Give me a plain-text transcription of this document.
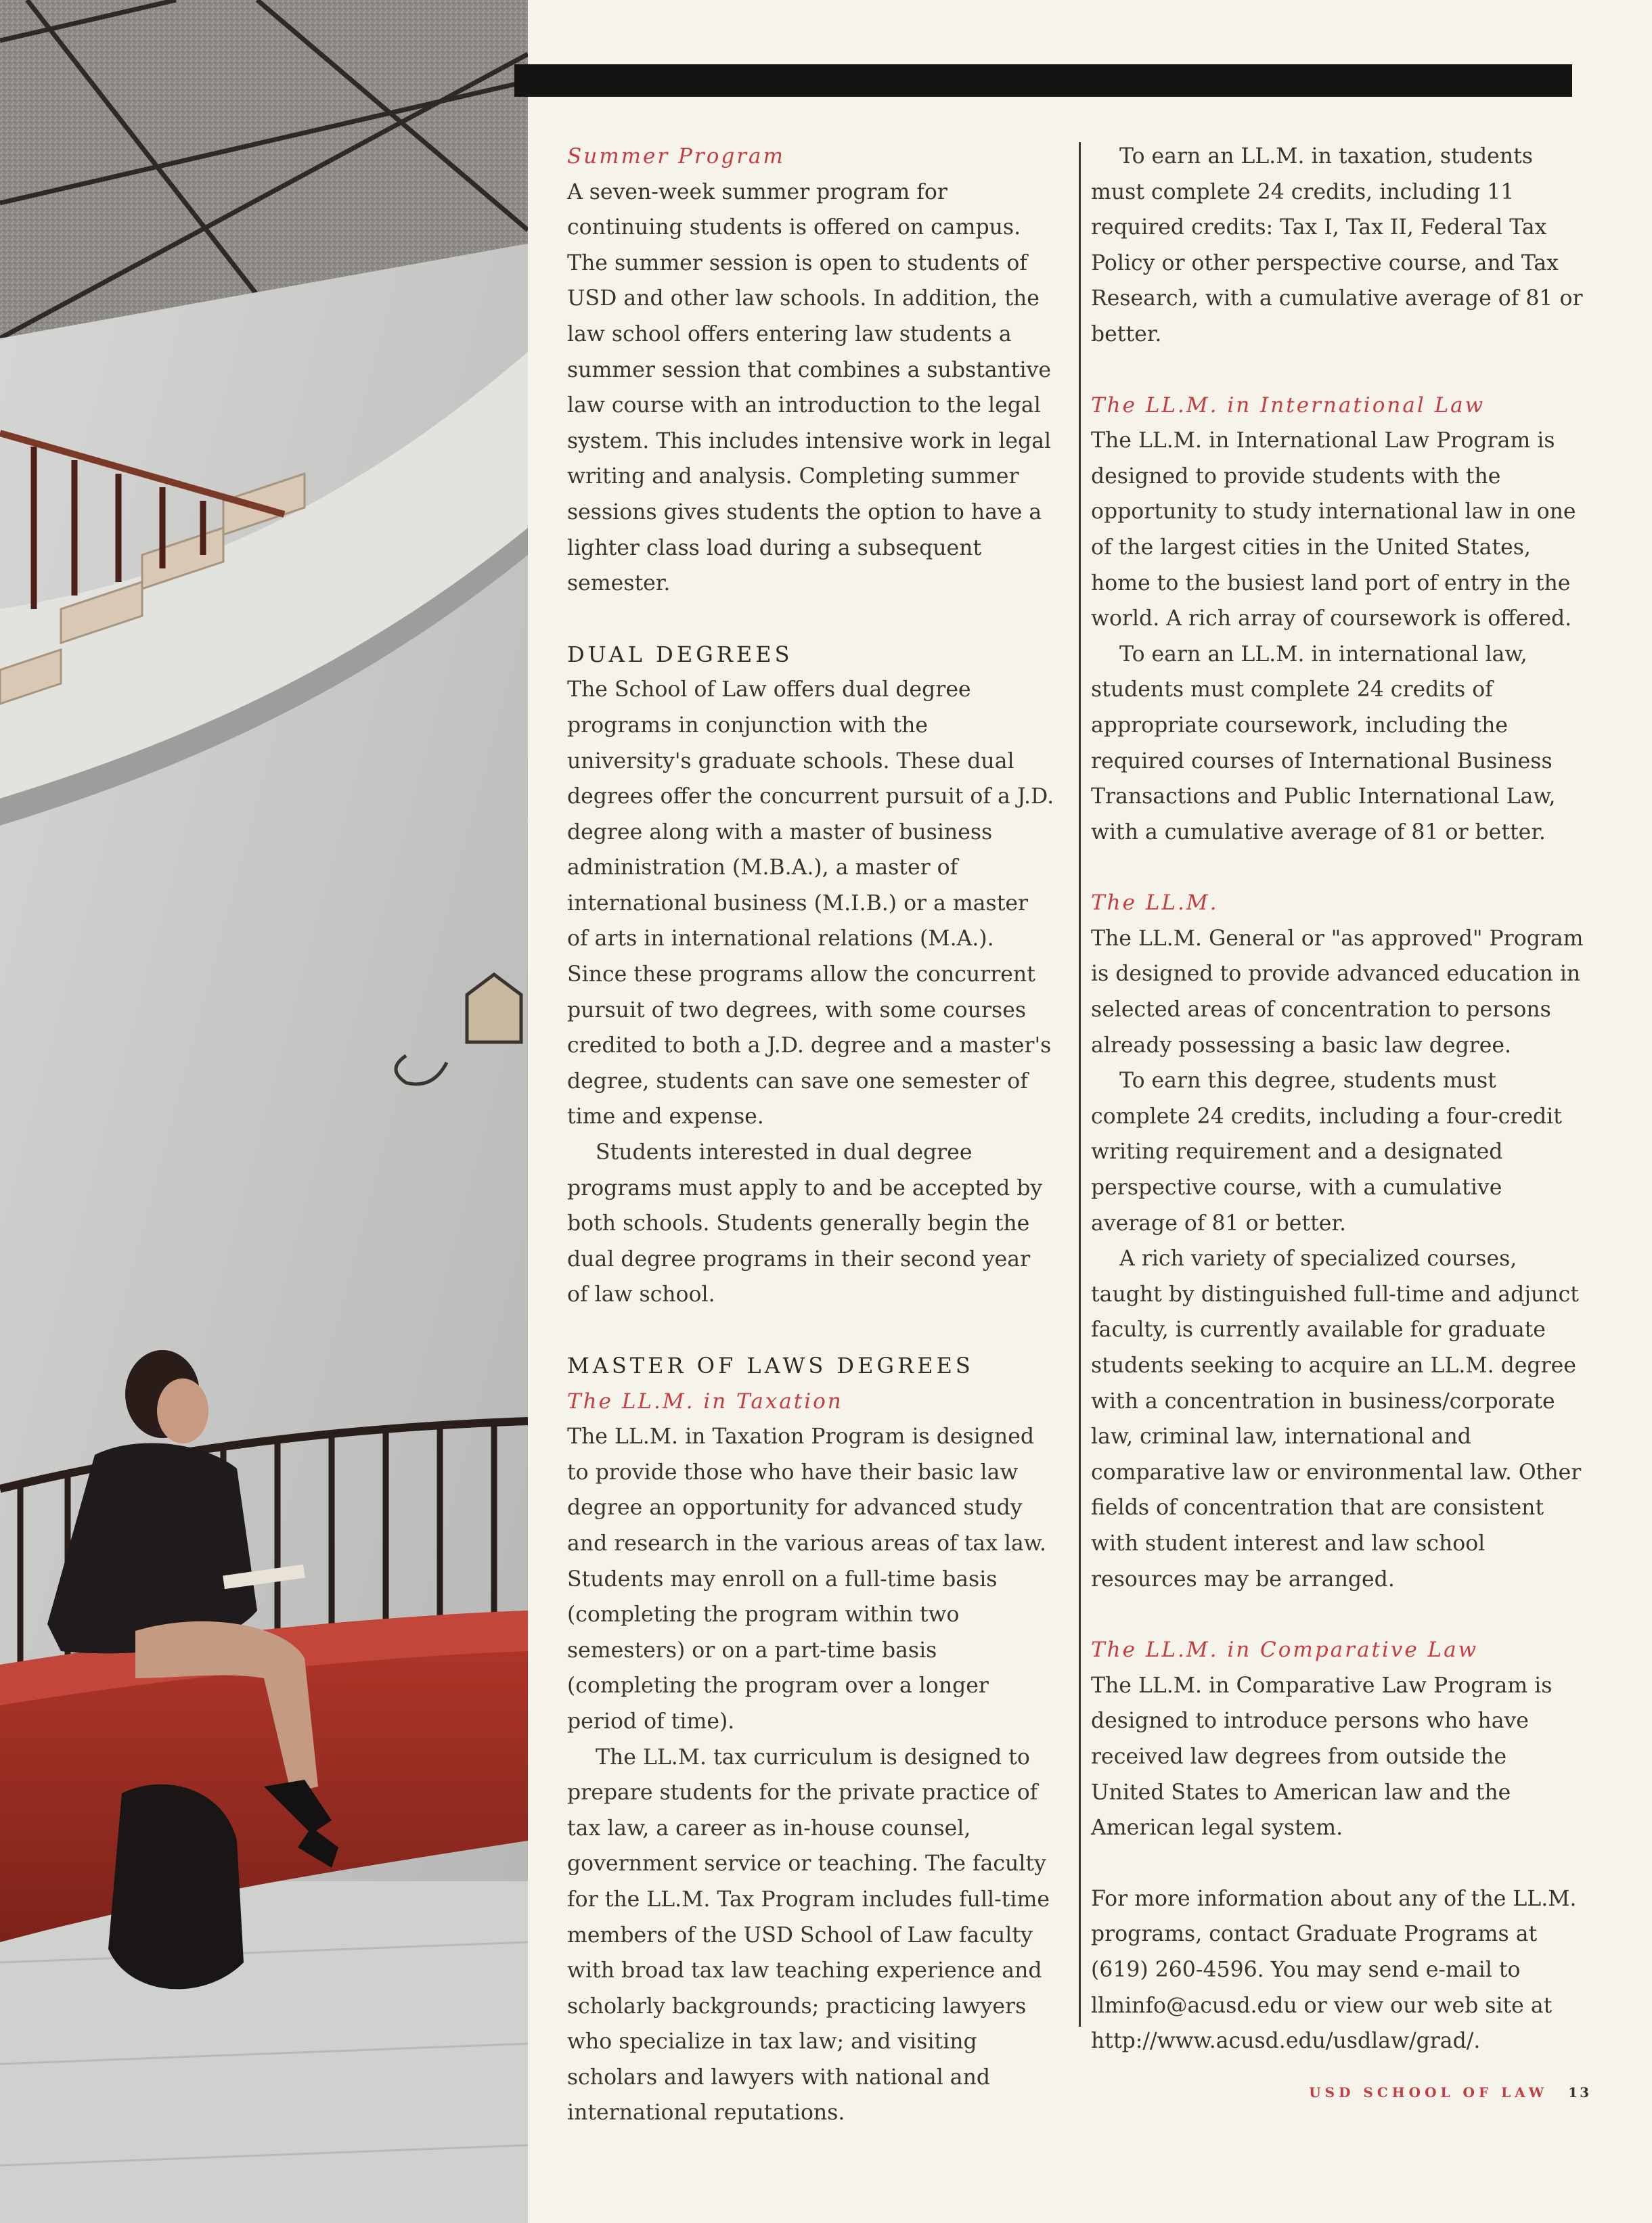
Summer Program

A seven-week summer program for continuing students is offered on campus. The summer session is open to students of USD and other law schools. In addition, the law school offers entering law students a summer session that combines a substantive law course with an introduction to the legal system. This includes intensive work in legal writing and analysis. Completing summer sessions gives students the option to have a lighter class load during a subsequent semester.

DUAL DEGREES

The School of Law offers dual degree programs in conjunction with the university's graduate schools. These dual degrees offer the concurrent pursuit of a J.D. degree along with a master of business administration (M.B.A.), a master of international business (M.I.B.) or a master of arts in international relations (M.A.). Since these programs allow the concurrent pursuit of two degrees, with some courses credited to both a J.D. degree and a master's degree, students can save one semester of time and expense.

Students interested in dual degree programs must apply to and be accepted by both schools. Students generally begin the dual degree programs in their second year of law school.

MASTER OF LAWS DEGREES

The LL.M. in Taxation

The LL.M. in Taxation Program is designed to provide those who have their basic law degree an opportunity for advanced study and research in the various areas of tax law. Students may enroll on a full-time basis (completing the program within two semesters) or on a part-time basis (completing the program over a longer period of time).

The LL.M. tax curriculum is designed to prepare students for the private practice of tax law, a career as in-house counsel, government service or teaching. The faculty for the LL.M. Tax Program includes full-time members of the USD School of Law faculty with broad tax law teaching experience and scholarly backgrounds; practicing lawyers who specialize in tax law; and visiting scholars and lawyers with national and international reputations.

To earn an LL.M. in taxation, students must complete 24 credits, including 11 required credits: Tax I, Tax II, Federal Tax Policy or other perspective course, and Tax Research, with a cumulative average of 81 or better.

The LL.M. in International Law

The LL.M. in International Law Program is designed to provide students with the opportunity to study international law in one of the largest cities in the United States, home to the busiest land port of entry in the world. A rich array of coursework is offered.

To earn an LL.M. in international law, students must complete 24 credits of appropriate coursework, including the required courses of International Business Transactions and Public International Law, with a cumulative average of 81 or better.

The LL.M.

The LL.M. General or "as approved" Program is designed to provide advanced education in selected areas of concentration to persons already possessing a basic law degree.

To earn this degree, students must complete 24 credits, including a four-credit writing requirement and a designated perspective course, with a cumulative average of 81 or better.

A rich variety of specialized courses, taught by distinguished full-time and adjunct faculty, is currently available for graduate students seeking to acquire an LL.M. degree with a concentration in business/corporate law, criminal law, international and comparative law or environmental law. Other fields of concentration that are consistent with student interest and law school resources may be arranged.

The LL.M. in Comparative Law

The LL.M. in Comparative Law Program is designed to introduce persons who have received law degrees from outside the United States to American law and the American legal system.

For more information about any of the LL.M. programs, contact Graduate Programs at (619) 260-4596. You may send e-mail to llminfo@acusd.edu or view our web site at http://www.acusd.edu/usdlaw/grad/.

USD SCHOOL OF LAW 13
